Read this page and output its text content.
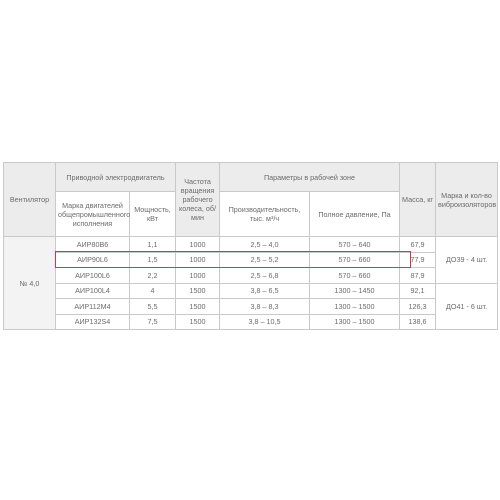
Вентилятор	Приводной электродвигатель		Частота вращения рабочего колеса, об/мин	Параметры в рабочей зоне		Масса, кг	Марка и кол-во виброизоляторов
	Марка двигателей общепромышленного исполнения	Мощность, кВт		Производительность, тыс. м³/ч	Полное давление, Па		
№ 4,0	АИР80В6	1,1	1000	2,5 – 4,0	570 – 640	67,9	ДО39 - 4 шт.
	АИР90L6	1,5	1000	2,5 – 5,2	570 – 660	77,9	
	АИР100L6	2,2	1000	2,5 – 6,8	570 – 660	87,9	
	АИР100L4	4	1500	3,8 – 6,5	1300 – 1450	92,1	ДО41 - 6 шт.
	АИР112М4	5,5	1500	3,8 – 8,3	1300 – 1500	126,3	
	АИР132S4	7,5	1500	3,8 – 10,5	1300 – 1500	138,6	
